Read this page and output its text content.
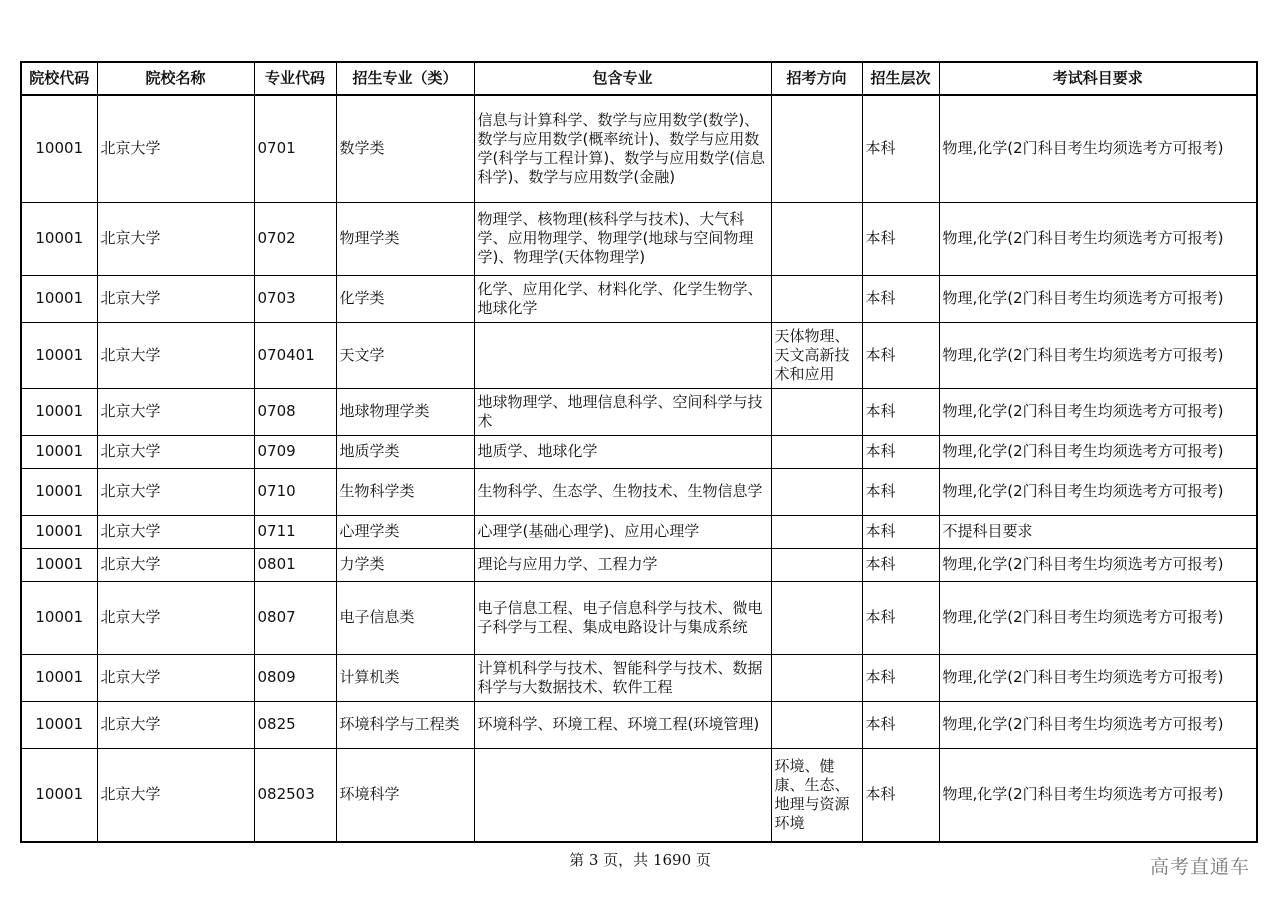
院校代码	院校名称	专业代码	招生专业（类）	包含专业	招考方向	招生层次	考试科目要求
10001	北京大学	0701	数学类	信息与计算科学、数学与应用数学(数学)、数学与应用数学(概率统计)、数学与应用数学(科学与工程计算)、数学与应用数学(信息科学)、数学与应用数学(金融)		本科	物理,化学(2门科目考生均须选考方可报考)
10001	北京大学	0702	物理学类	物理学、核物理(核科学与技术)、大气科学、应用物理学、物理学(地球与空间物理学)、物理学(天体物理学)		本科	物理,化学(2门科目考生均须选考方可报考)
10001	北京大学	0703	化学类	化学、应用化学、材料化学、化学生物学、地球化学		本科	物理,化学(2门科目考生均须选考方可报考)
10001	北京大学	070401	天文学		天体物理、天文高新技术和应用	本科	物理,化学(2门科目考生均须选考方可报考)
10001	北京大学	0708	地球物理学类	地球物理学、地理信息科学、空间科学与技术		本科	物理,化学(2门科目考生均须选考方可报考)
10001	北京大学	0709	地质学类	地质学、地球化学		本科	物理,化学(2门科目考生均须选考方可报考)
10001	北京大学	0710	生物科学类	生物科学、生态学、生物技术、生物信息学		本科	物理,化学(2门科目考生均须选考方可报考)
10001	北京大学	0711	心理学类	心理学(基础心理学)、应用心理学		本科	不提科目要求
10001	北京大学	0801	力学类	理论与应用力学、工程力学		本科	物理,化学(2门科目考生均须选考方可报考)
10001	北京大学	0807	电子信息类	电子信息工程、电子信息科学与技术、微电子科学与工程、集成电路设计与集成系统		本科	物理,化学(2门科目考生均须选考方可报考)
10001	北京大学	0809	计算机类	计算机科学与技术、智能科学与技术、数据科学与大数据技术、软件工程		本科	物理,化学(2门科目考生均须选考方可报考)
10001	北京大学	0825	环境科学与工程类	环境科学、环境工程、环境工程(环境管理)		本科	物理,化学(2门科目考生均须选考方可报考)
10001	北京大学	082503	环境科学		环境、健康、生态、地理与资源环境	本科	物理,化学(2门科目考生均须选考方可报考)
第 3 页，共 1690 页	高考直通车
